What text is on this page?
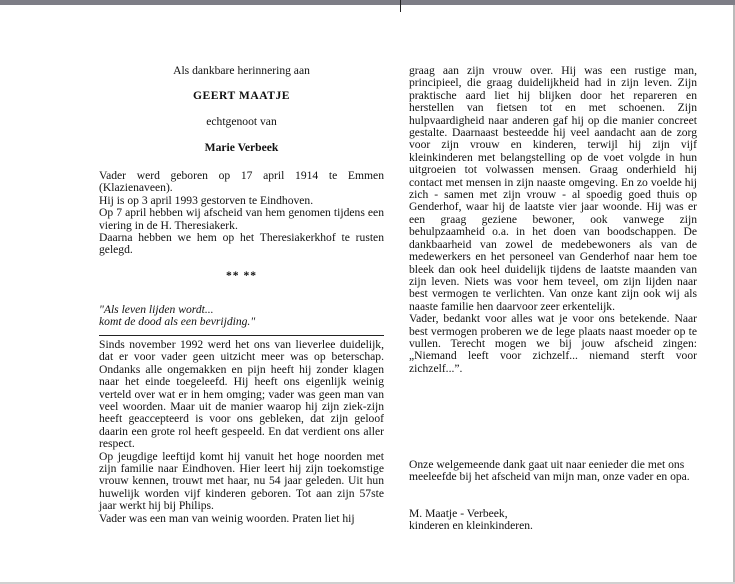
Als dankbare herinnering aan
GEERT MAATJE
echtgenoot van
Marie Verbeek

Vader werd geboren op 17 april 1914 te Emmen (Klazienaveen).

Hij is op 3 april 1993 gestorven te Eindhoven.

Op 7 april hebben wij afscheid van hem genomen tijdens een viering in de H. Theresiakerk.

Daarna hebben we hem op het Theresiakerkhof te rusten gelegd.

** **
"Als leven lijden wordt...
komt de dood als een bevrijding."

Sinds november 1992 werd het ons van lieverlee duidelijk, dat er voor vader geen uitzicht meer was op beterschap. Ondanks alle ongemakken en pijn heeft hij zonder klagen naar het einde toegeleefd. Hij heeft ons eigenlijk weinig verteld over wat er in hem omging; vader was geen man van veel woorden. Maar uit de manier waarop hij zijn ziek-zijn heeft geaccepteerd is voor ons gebleken, dat zijn geloof daarin een grote rol heeft gespeeld. En dat verdient ons aller respect.

Op jeugdige leeftijd komt hij vanuit het hoge noorden met zijn familie naar Eindhoven. Hier leert hij zijn toekomstige vrouw kennen, trouwt met haar, nu 54 jaar geleden. Uit hun huwelijk worden vijf kinderen geboren. Tot aan zijn 57ste jaar werkt hij bij Philips.

Vader was een man van weinig woorden. Praten liet hij

graag aan zijn vrouw over. Hij was een rustige man, principieel, die graag duidelijkheid had in zijn leven. Zijn praktische aard liet hij blijken door het repareren en herstellen van fietsen tot en met schoenen. Zijn hulpvaardigheid naar anderen gaf hij op die manier concreet gestalte. Daarnaast besteedde hij veel aandacht aan de zorg voor zijn vrouw en kinderen, terwijl hij zijn vijf kleinkinderen met belangstelling op de voet volgde in hun uitgroeien tot volwassen mensen. Graag onderhield hij contact met mensen in zijn naaste omgeving. En zo voelde hij zich - samen met zijn vrouw - al spoedig goed thuis op Genderhof, waar hij de laatste vier jaar woonde. Hij was er een graag geziene bewoner, ook vanwege zijn behulpzaamheid o.a. in het doen van boodschappen. De dankbaarheid van zowel de medebewoners als van de medewerkers en het personeel van Genderhof naar hem toe bleek dan ook heel duidelijk tijdens de laatste maanden van zijn leven. Niets was voor hem teveel, om zijn lijden naar best vermogen te verlichten. Van onze kant zijn ook wij als naaste familie hen daarvoor zeer erkentelijk.

Vader, bedankt voor alles wat je voor ons betekende. Naar best vermogen proberen we de lege plaats naast moeder op te vullen. Terecht mogen we bij jouw afscheid zingen: „Niemand leeft voor zichzelf... niemand sterft voor zichzelf...”.

Onze welgemeende dank gaat uit naar eenieder die met ons meeleefde bij het afscheid van mijn man, onze vader en opa.
M. Maatje - Verbeek,
kinderen en kleinkinderen.
